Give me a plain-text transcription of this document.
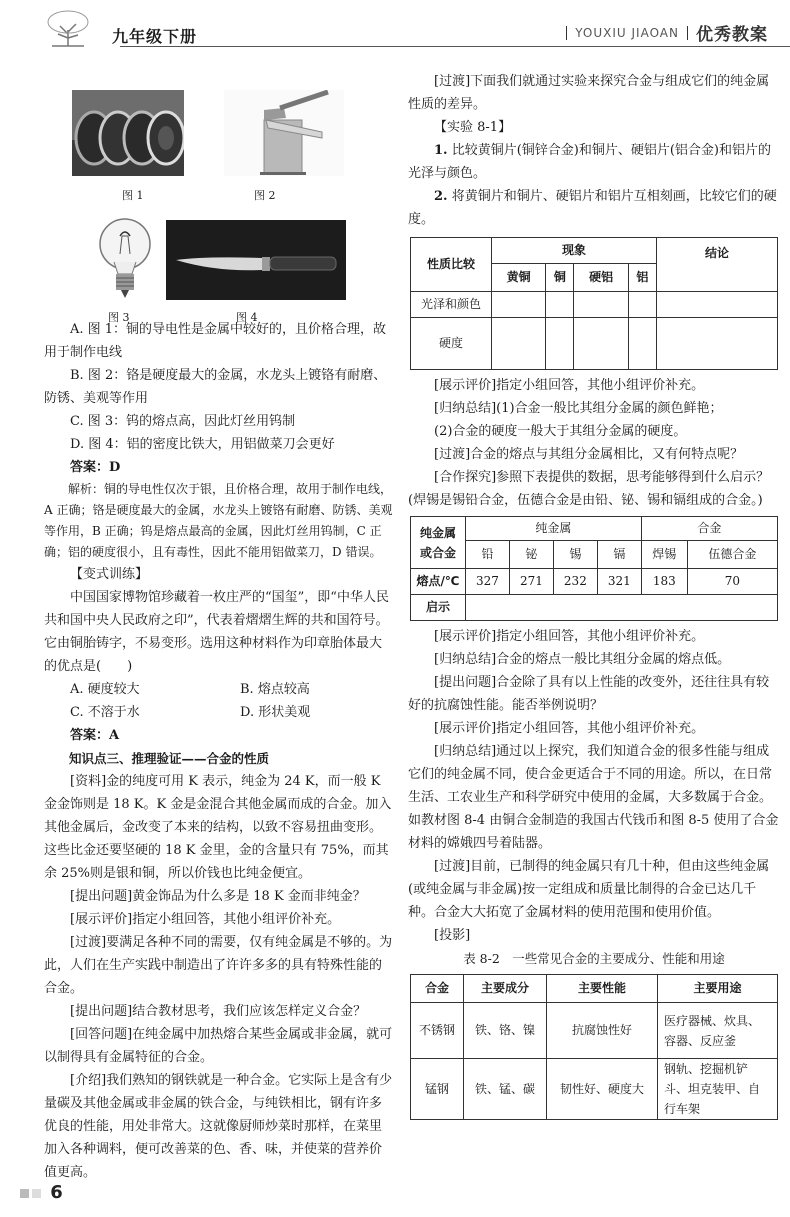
九年级下册	YOUXIU JIAOAN	优秀教案
图 1	图 2
图 3	图 4

A. 图 1：铜的导电性是金属中较好的，且价格合理，故用于制作电线

B. 图 2：铬是硬度最大的金属，水龙头上镀铬有耐磨、防锈、美观等作用

C. 图 3：钨的熔点高，因此灯丝用钨制

D. 图 4：铝的密度比铁大，用铝做菜刀会更好

答案：D

解析：铜的导电性仅次于银，且价格合理，故用于制作电线，A 正确；铬是硬度最大的金属，水龙头上镀铬有耐磨、防锈、美观等作用，B 正确；钨是熔点最高的金属，因此灯丝用钨制，C 正确；铝的硬度很小，且有毒性，因此不能用铝做菜刀，D 错误。

【变式训练】

中国国家博物馆珍藏着一枚庄严的“国玺”，即“中华人民共和国中央人民政府之印”，代表着熠熠生辉的共和国符号。它由铜胎铸字，不易变形。选用这种材料作为印章胎体最大的优点是(　　)

A. 硬度较大	B. 熔点较高
C. 不溶于水	D. 形状美观

答案：A

知识点三、推理验证——合金的性质

[资料]金的纯度可用 K 表示，纯金为 24 K，而一般 K 金金饰则是 18 K。K 金是金混合其他金属而成的合金。加入其他金属后，金改变了本来的结构，以致不容易扭曲变形。这些比金还要坚硬的 18 K 金里，金的含量只有 75%，而其余 25%则是银和铜，所以价钱也比纯金便宜。

[提出问题]黄金饰品为什么多是 18 K 金而非纯金？

[展示评价]指定小组回答，其他小组评价补充。

[过渡]要满足各种不同的需要，仅有纯金属是不够的。为此，人们在生产实践中制造出了许许多多的具有特殊性能的合金。

[提出问题]结合教材思考，我们应该怎样定义合金？

[回答问题]在纯金属中加热熔合某些金属或非金属，就可以制得具有金属特征的合金。

[介绍]我们熟知的钢铁就是一种合金。它实际上是含有少量碳及其他金属或非金属的铁合金，与纯铁相比，钢有许多优良的性能，用处非常大。这就像厨师炒菜时那样，在菜里加入各种调料，便可改善菜的色、香、味，并使菜的营养价值更高。

[过渡]下面我们就通过实验来探究合金与组成它们的纯金属性质的差异。

【实验 8-1】

1. 比较黄铜片(铜锌合金)和铜片、硬铝片(铝合金)和铝片的光泽与颜色。

2. 将黄铜片和铜片、硬铝片和铝片互相刻画，比较它们的硬度。

性质比较	现象				结论
	黄铜	铜	硬铝	铝	
光泽和颜色					
硬度					

[展示评价]指定小组回答，其他小组评价补充。

[归纳总结](1)合金一般比其组分金属的颜色鲜艳；

(2)合金的硬度一般大于其组分金属的硬度。

[过渡]合金的熔点与其组分金属相比，又有何特点呢？

[合作探究]参照下表提供的数据，思考能够得到什么启示？(焊锡是锡铅合金，伍德合金是由铅、铋、锡和镉组成的合金。)

纯金属
或合金	纯金属				合金	
	铅	铋	锡	镉	焊锡	伍德合金
熔点/℃	327	271	232	321	183	70
启示						

[展示评价]指定小组回答，其他小组评价补充。

[归纳总结]合金的熔点一般比其组分金属的熔点低。

[提出问题]合金除了具有以上性能的改变外，还往往具有较好的抗腐蚀性能。能否举例说明？

[展示评价]指定小组回答，其他小组评价补充。

[归纳总结]通过以上探究，我们知道合金的很多性能与组成它们的纯金属不同，使合金更适合于不同的用途。所以，在日常生活、工农业生产和科学研究中使用的金属，大多数属于合金。如教材图 8-4 由铜合金制造的我国古代钱币和图 8-5 使用了合金材料的嫦娥四号着陆器。

[过渡]目前，已制得的纯金属只有几十种，但由这些纯金属(或纯金属与非金属)按一定组成和质量比制得的合金已达几千种。合金大大拓宽了金属材料的使用范围和使用价值。

[投影]

表 8-2　一些常见合金的主要成分、性能和用途

合金	主要成分	主要性能	主要用途
不锈钢	铁、铬、镍	抗腐蚀性好	医疗器械、炊具、容器、反应釜
锰钢	铁、锰、碳	韧性好、硬度大	钢轨、挖掘机铲斗、坦克装甲、自行车架
6
